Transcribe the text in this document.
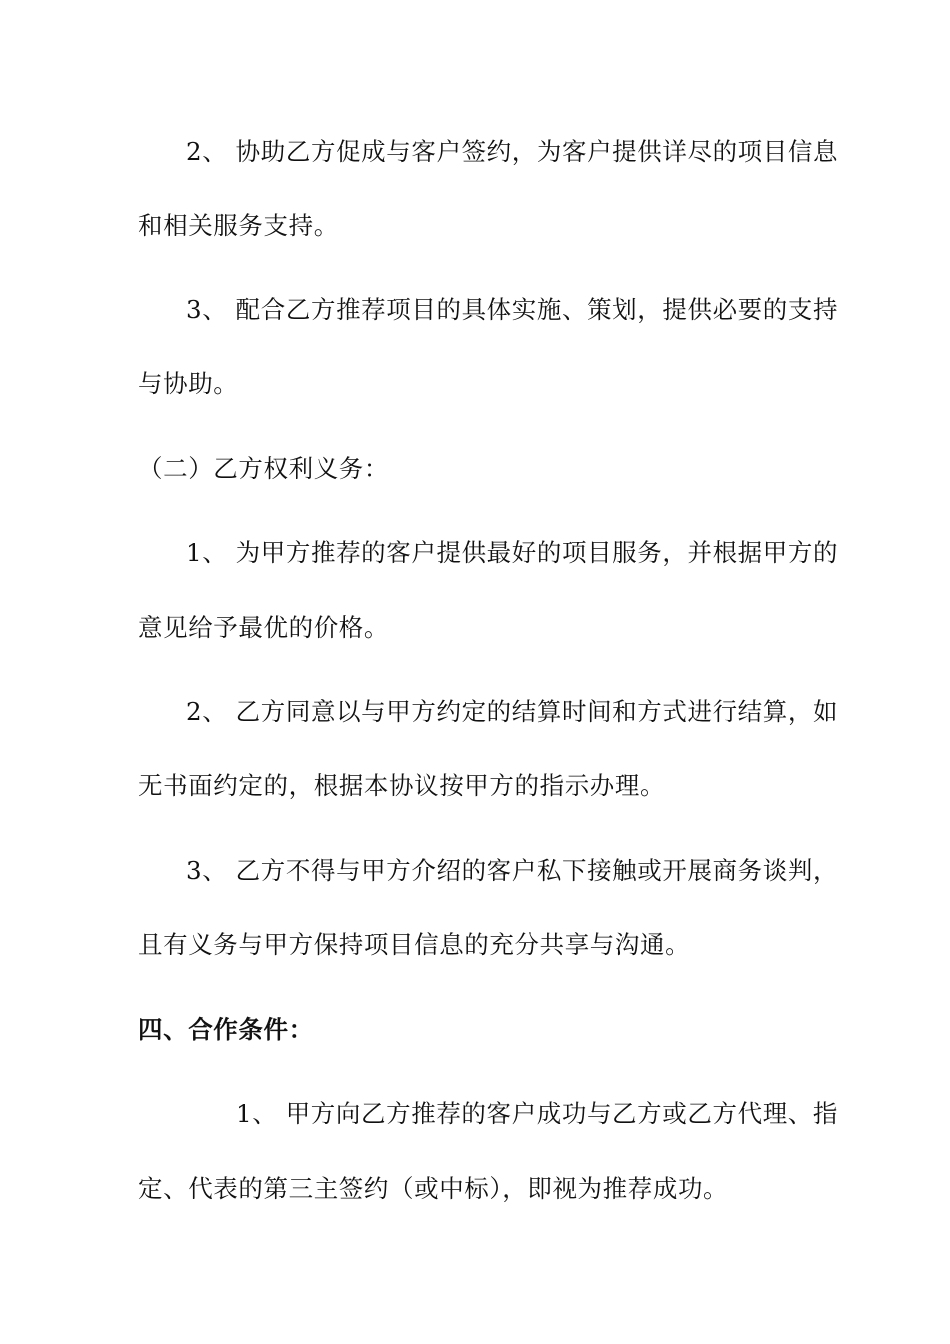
2、 协助乙方促成与客户签约，为客户提供详尽的项目信息
和相关服务支持。
3、 配合乙方推荐项目的具体实施、策划，提供必要的支持
与协助。
（二）乙方权利义务：
1、 为甲方推荐的客户提供最好的项目服务，并根据甲方的
意见给予最优的价格。
2、 乙方同意以与甲方约定的结算时间和方式进行结算，如
无书面约定的，根据本协议按甲方的指示办理。
3、 乙方不得与甲方介绍的客户私下接触或开展商务谈判，
且有义务与甲方保持项目信息的充分共享与沟通。
四、合作条件：
1、 甲方向乙方推荐的客户成功与乙方或乙方代理、指
定、代表的第三主签约（或中标），即视为推荐成功。
